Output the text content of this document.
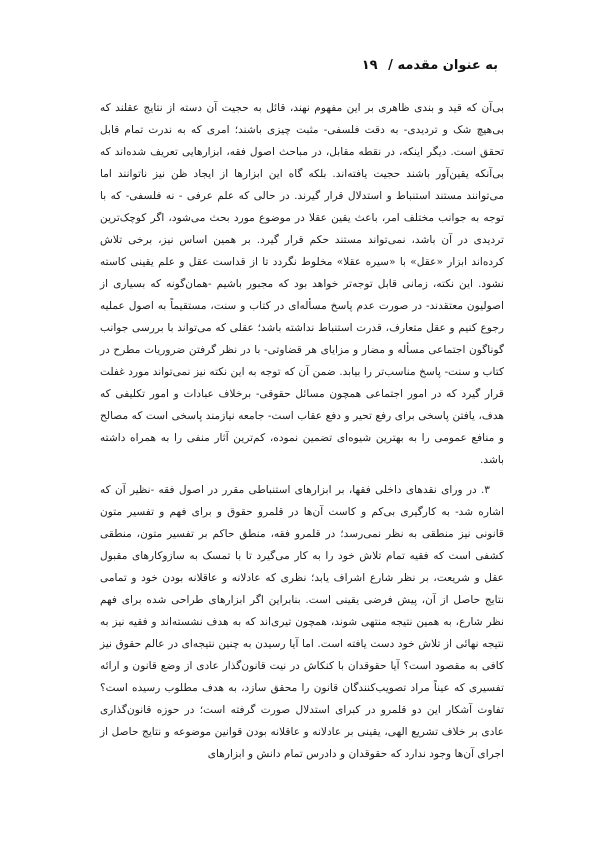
به عنوان مقدمه / ۱۹

بی‌آن که قید و بندی ظاهری بر این مفهوم نهند، قائل به حجیت آن دسته از نتایج عقلند که بی‌هیچ شک و تردیدی- به دقت فلسفی- مثبت چیزی باشند؛ امری که به ندرت تمام قابل تحقق است. دیگر اینکه، در نقطه مقابل، در مباحث اصول فقه، ابزارهایی تعریف شده‌اند که بی‌آنکه یقین‌آور باشند حجیت یافته‌اند. بلکه گاه این ابزارها از ایجاد ظن نیز ناتوانند اما می‌توانند مستند استنباط و استدلال قرار گیرند. در حالی که علم عرفی - نه فلسفی- که با توجه به جوانب مختلف امر، باعث یقین عقلا در موضوع مورد بحث می‌شود، اگر کوچک‌ترین تردیدی در آن باشد، نمی‌تواند مستند حکم قرار گیرد. بر همین اساس نیز، برخی تلاش کرده‌اند ابزار «عقل» با «سیره عقلا» مخلوط نگردد تا از قداست عقل و علم یقینی کاسته نشود. این نکته، زمانی قابل توجه‌تر خواهد بود که مجبور باشیم -همان‌گونه که بسیاری از اصولیون معتقدند- در صورت عدم پاسخ مسأله‌ای در کتاب و سنت، مستقیماً به اصول عملیه رجوع کنیم و عقل متعارف، قدرت استنباط نداشته باشد؛ عقلی که می‌تواند با بررسی جوانب گوناگون اجتماعی مسأله و مضار و مزایای هر قضاوتی- با در نظر گرفتن ضروریات مطرح در کتاب و سنت- پاسخ مناسب‌تر را بیابد. ضمن آن که توجه به این نکته نیز نمی‌تواند مورد غفلت قرار گیرد که در امور اجتماعی همچون مسائل حقوقی- برخلاف عبادات و امور تکلیفی که هدف، یافتن پاسخی برای رفع تحیر و دفع عقاب است- جامعه نیازمند پاسخی است که مصالح و منافع عمومی را به بهترین شیوه‌ای تضمین نموده، کم‌ترین آثار منفی را به همراه داشته باشد.

۳. در ورای نقدهای داخلی فقها، بر ابزارهای استنباطی مقرر در اصول فقه -نظیر آن که اشاره شد- به کارگیری بی‌کم و کاست آن‌ها در قلمرو حقوق و برای فهم و تفسیر متون قانونی نیز منطقی به نظر نمی‌رسد؛ در قلمرو فقه، منطق حاکم بر تفسیر متون، منطقی کشفی است که فقیه تمام تلاش خود را به کار می‌گیرد تا با تمسک به سازوکارهای مقبول عقل و شریعت، بر نظر شارع اشراف یابد؛ نظری که عادلانه و عاقلانه بودن خود و تمامی نتایج حاصل از آن، پیش فرضی یقینی است. بنابراین اگر ابزارهای طراحی شده برای فهم نظر شارع، به همین نتیجه منتهی شوند، همچون تیری‌اند که به هدف نشسته‌اند و فقیه نیز به نتیجه نهائی از تلاش خود دست یافته است. اما آیا رسیدن به چنین نتیجه‌ای در عالم حقوق نیز کافی به مقصود است؟ آیا حقوقدان با کنکاش در نیت قانون‌گذار عادی از وضع قانون و ارائه تفسیری که عیناً مراد تصویب‌کنندگان قانون را محقق سازد، به هدف مطلوب رسیده است؟ تفاوت آشکار این دو قلمرو در کبرای استدلال صورت گرفته است؛ در حوزه قانون‌گذاری عادی بر خلاف تشریع الهی، یقینی بر عادلانه و عاقلانه بودن قوانین موضوعه و نتایج حاصل از اجرای آن‌ها وجود ندارد که حقوقدان و دادرس تمام دانش و ابزارهای
